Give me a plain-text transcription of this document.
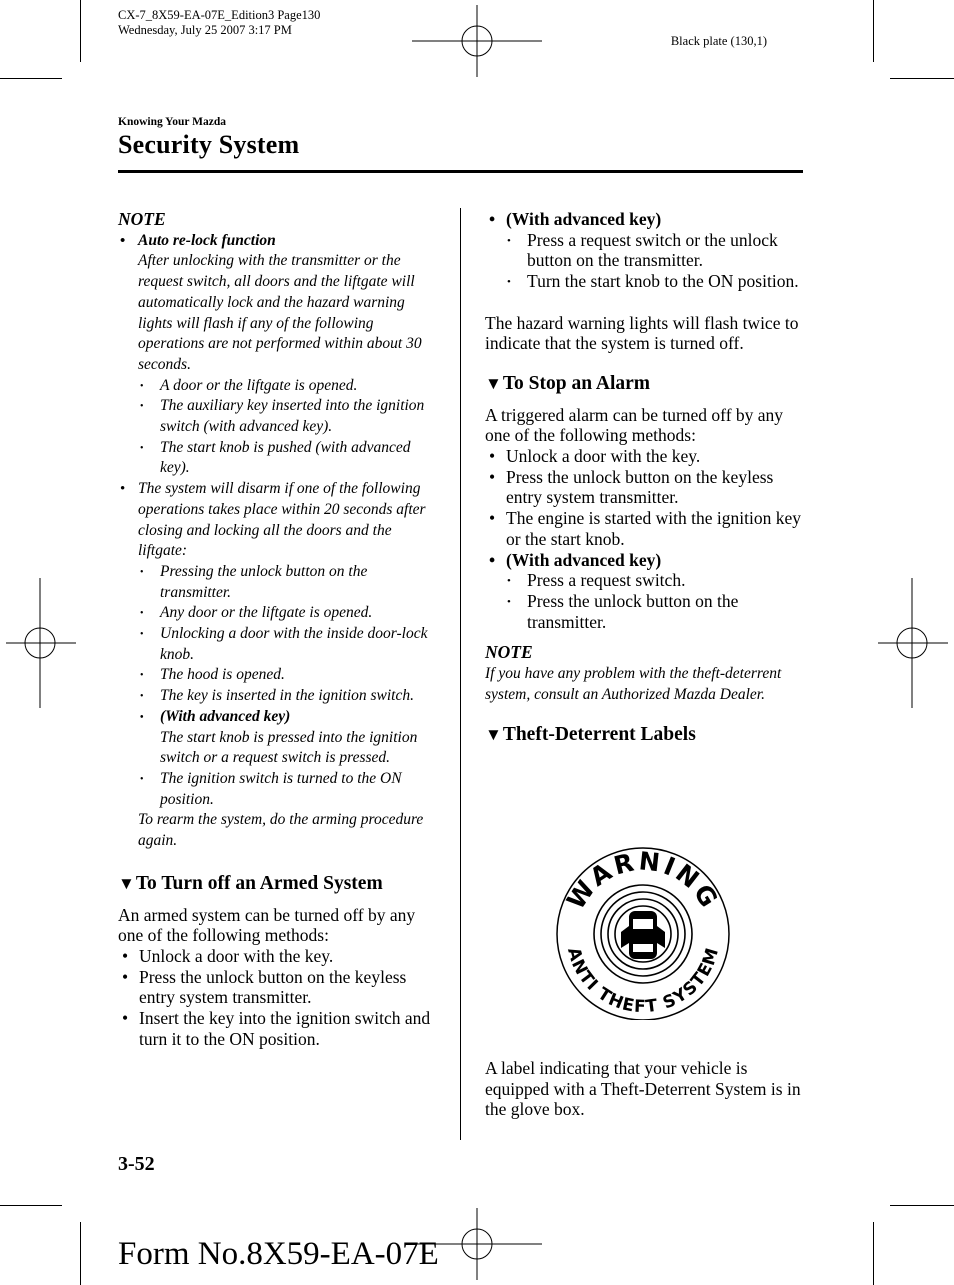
CX-7_8X59-EA-07E_Edition3 Page130
Wednesday, July 25 2007 3:17 PM
Black plate (130,1)
Knowing Your Mazda
Security System
NOTE
• Auto re-lock function
After unlocking with the transmitter or the request switch, all doors and the liftgate will automatically lock and the hazard warning lights will flash if any of the following operations are not performed within about 30 seconds.
• A door or the liftgate is opened.
• The auxiliary key inserted into the ignition switch (with advanced key).
• The start knob is pushed (with advanced key).
• The system will disarm if one of the following operations takes place within 20 seconds after closing and locking all the doors and the liftgate:
• Pressing the unlock button on the transmitter.
• Any door or the liftgate is opened.
• Unlocking a door with the inside door-lock knob.
• The hood is opened.
• The key is inserted in the ignition switch.
• (With advanced key)
The start knob is pressed into the ignition switch or a request switch is pressed.
• The ignition switch is turned to the ON position.
To rearm the system, do the arming procedure again.
▼To Turn off an Armed System
An armed system can be turned off by any one of the following methods:
• Unlock a door with the key.
• Press the unlock button on the keyless entry system transmitter.
• Insert the key into the ignition switch and turn it to the ON position.
• (With advanced key)
• Press a request switch or the unlock button on the transmitter.
• Turn the start knob to the ON position.
The hazard warning lights will flash twice to indicate that the system is turned off.
▼To Stop an Alarm
A triggered alarm can be turned off by any one of the following methods:
• Unlock a door with the key.
• Press the unlock button on the keyless entry system transmitter.
• The engine is started with the ignition key or the start knob.
• (With advanced key)
• Press a request switch.
• Press the unlock button on the transmitter.
NOTE
If you have any problem with the theft-deterrent system, consult an Authorized Mazda Dealer.
▼Theft-Deterrent Labels
WARNING
ANTI THEFT SYSTEM
A label indicating that your vehicle is equipped with a Theft-Deterrent System is in the glove box.
3-52
Form No.8X59-EA-07E
